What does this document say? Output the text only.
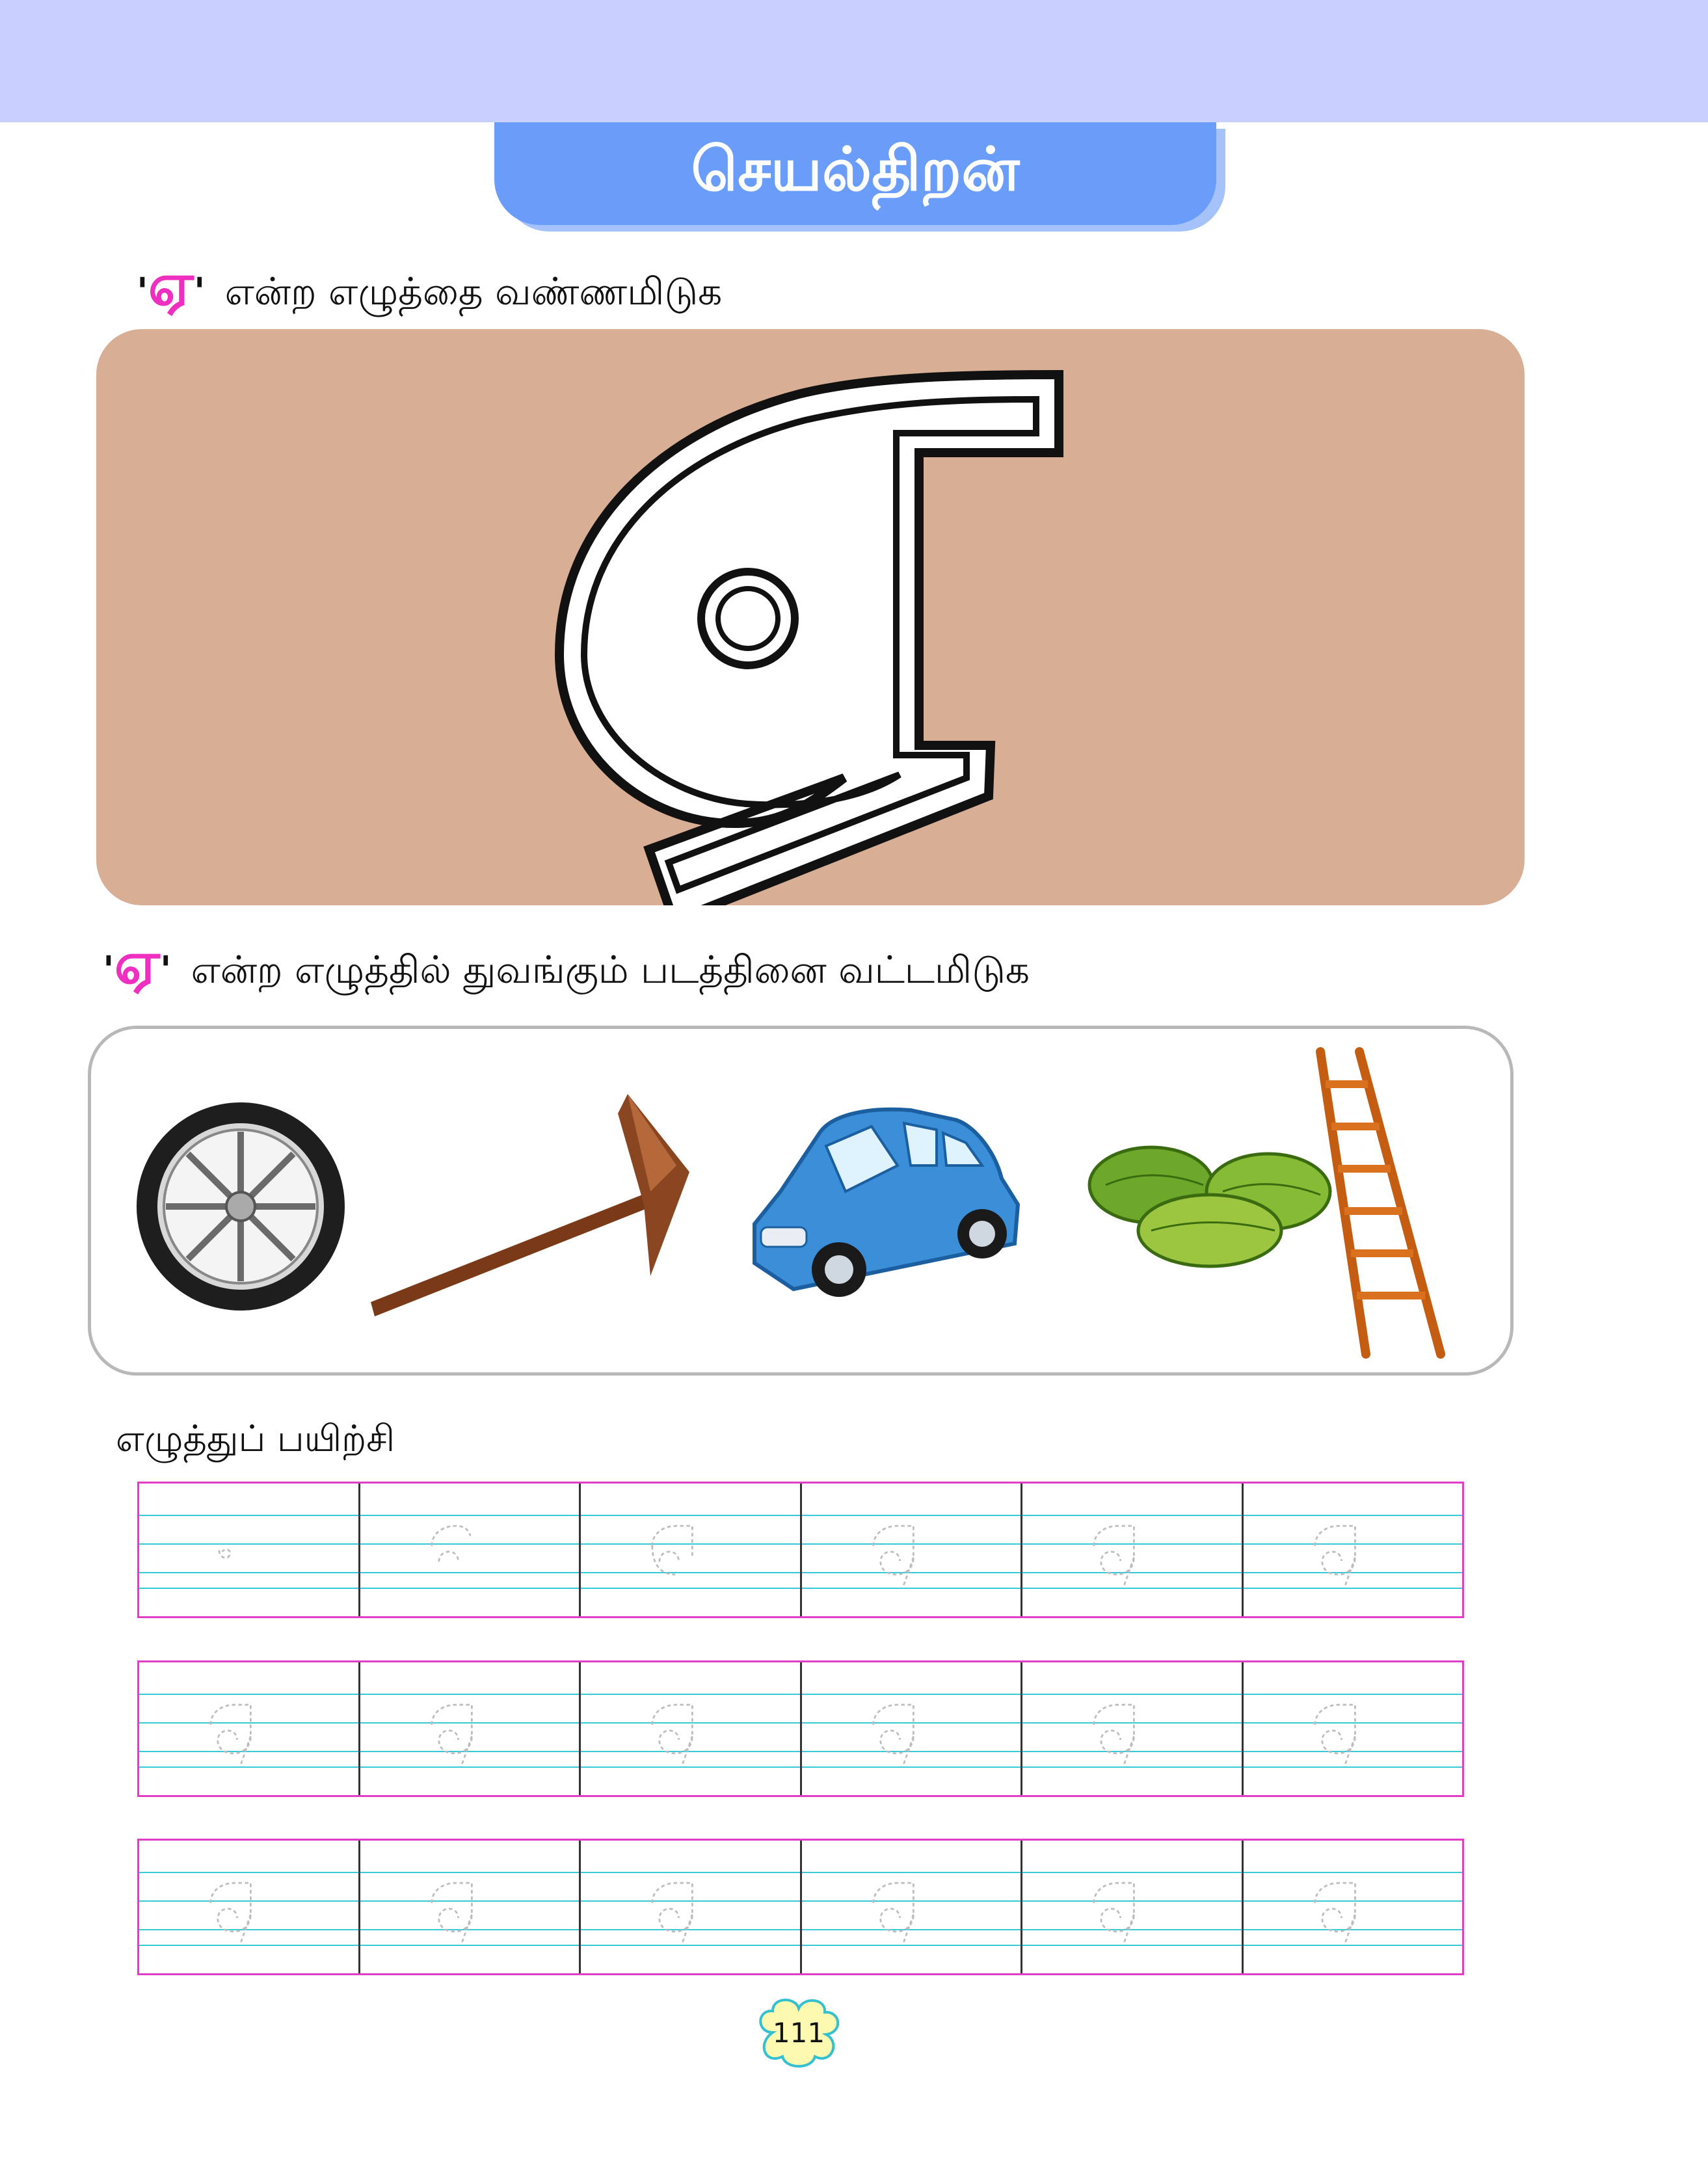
செயல்திறன்
' ஏ ' என்ற எழுத்தை வண்ணமிடுக
' ஏ ' என்ற எழுத்தில் துவங்கும் படத்தினை வட்டமிடுக
எழுத்துப் பயிற்சி
111
